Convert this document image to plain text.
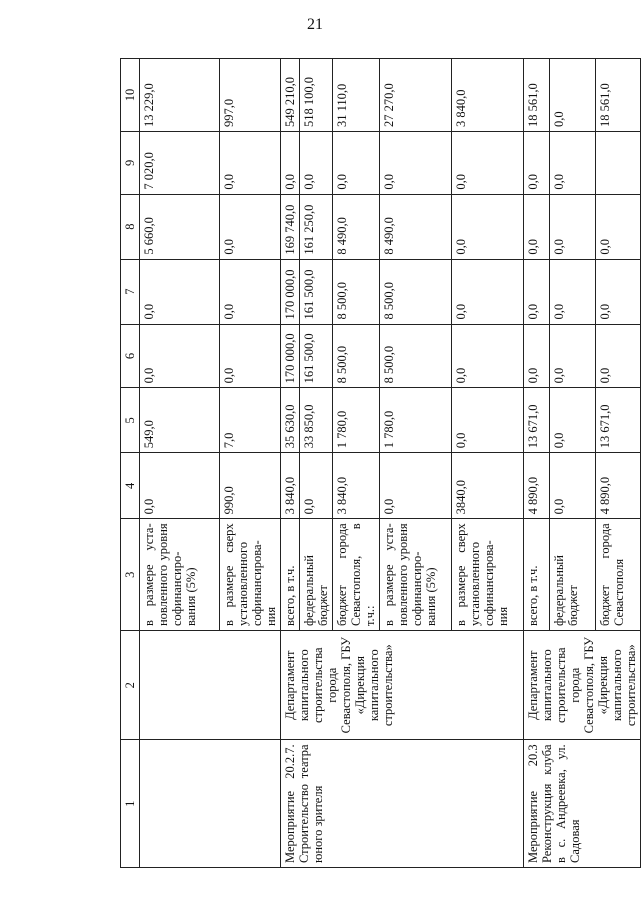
21
1	2	3	4	5	6	7	8	9	10
		в размере уста-новленного уровня софинансиро-вания (5%)	0,0	549,0	0,0	0,0	5 660,0	7 020,0	13 229,0
		в размере сверх установленного софинансирова-ния	990,0	7,0	0,0	0,0	0,0	0,0	997,0
Мероприятие 20.2.7. Строительство театра юного зрителя	Департамент капитального строительства города Севастополя, ГБУ «Дирекция капитального строительства»	всего, в т.ч.	3 840,0	35 630,0	170 000,0	170 000,0	169 740,0	0,0	549 210,0
		федеральный бюджет	0,0	33 850,0	161 500,0	161 500,0	161 250,0	0,0	518 100,0
		бюджет города Севастополя, в т.ч.:	3 840,0	1 780,0	8 500,0	8 500,0	8 490,0	0,0	31 110,0
		в размере уста-новленного уровня софинансиро-вания (5%)	0,0	1 780,0	8 500,0	8 500,0	8 490,0	0,0	27 270,0
		в размере сверх установленного софинансирова-ния	3840,0	0,0	0,0	0,0	0,0	0,0	3 840,0
Мероприятие 20.3 Реконструкция клуба в с. Андреевка, ул. Садовая	Департамент капитального строительства города Севастополя, ГБУ «Дирекция капитального строительства»	всего, в т.ч.	4 890,0	13 671,0	0,0	0,0	0,0	0,0	18 561,0
		федеральный бюджет	0,0	0,0	0,0	0,0	0,0	0,0	0,0
		бюджет города Севастополя	4 890,0	13 671,0	0,0	0,0	0,0		18 561,0
